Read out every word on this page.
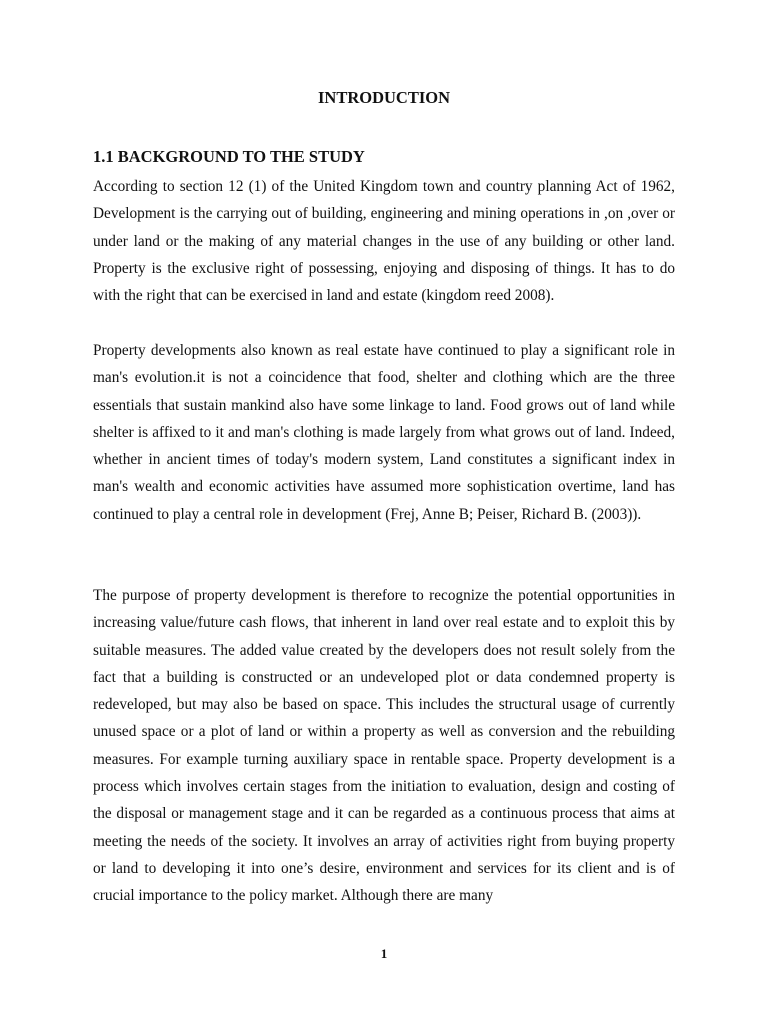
INTRODUCTION
1.1 BACKGROUND TO THE STUDY

According to section 12 (1) of the United Kingdom town and country planning Act of 1962, Development is the carrying out of building, engineering and mining operations in ,on ,over or under land or the making of any material changes in the use of any building or other land. Property is the exclusive right of possessing, enjoying and disposing of things. It has to do with the right that can be exercised in land and estate (kingdom reed 2008).

Property developments also known as real estate have continued to play a significant role in man's evolution.it is not a coincidence that food, shelter and clothing which are the three essentials that sustain mankind also have some linkage to land. Food grows out of land while shelter is affixed to it and man's clothing is made largely from what grows out of land. Indeed, whether in ancient times of today's modern system, Land constitutes a significant index in man's wealth and economic activities have assumed more sophistication overtime, land has continued to play a central role in development (Frej, Anne B; Peiser, Richard B. (2003)).

The purpose of property development is therefore to recognize the potential opportunities in increasing value/future cash flows, that inherent in land over real estate and to exploit this by suitable measures. The added value created by the developers does not result solely from the fact that a building is constructed or an undeveloped plot or data condemned property is redeveloped, but may also be based on space. This includes the structural usage of currently unused space or a plot of land or within a property as well as conversion and the rebuilding measures. For example turning auxiliary space in rentable space. Property development is a process which involves certain stages from the initiation to evaluation, design and costing of the disposal or management stage and it can be regarded as a continuous process that aims at meeting the needs of the society. It involves an array of activities right from buying property or land to developing it into one’s desire, environment and services for its client and is of crucial importance to the policy market. Although there are many

1
